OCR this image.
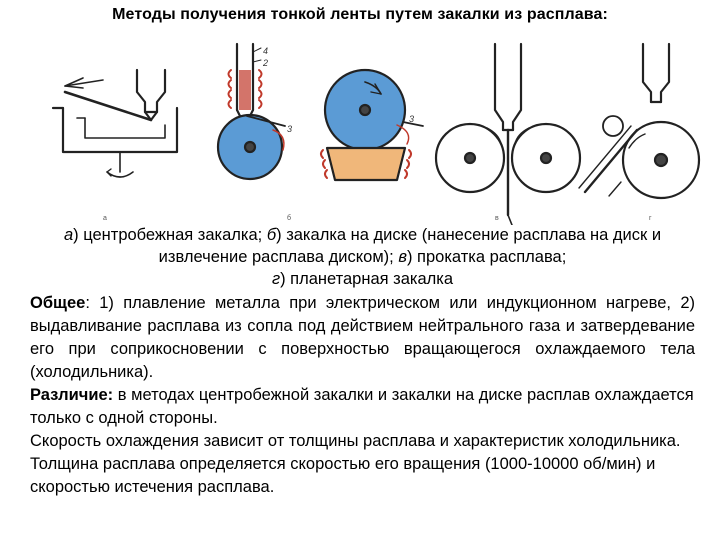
Методы получения тонкой ленты путем закалки из расплава:
а	б	в	г
4
2
3
3
а) центробежная закалка; б) закалка на диске (нанесение расплава на диск и извлечение расплава диском); в) прокатка расплава;
г) планетарная закалка

Общее: 1) плавление металла при электрическом или индукционном нагреве, 2) выдавливание расплава из сопла под действием нейтрального газа и затвердевание его при соприкосновении с поверхностью вращающегося охлаждаемого тела (холодильника).

Различие: в методах центробежной закалки и закалки на диске расплав охлаждается только с одной стороны.

Скорость охлаждения зависит от толщины расплава и характеристик холодильника. Толщина расплава определяется скоростью его вращения (1000-10000 об/мин) и скоростью истечения расплава.
